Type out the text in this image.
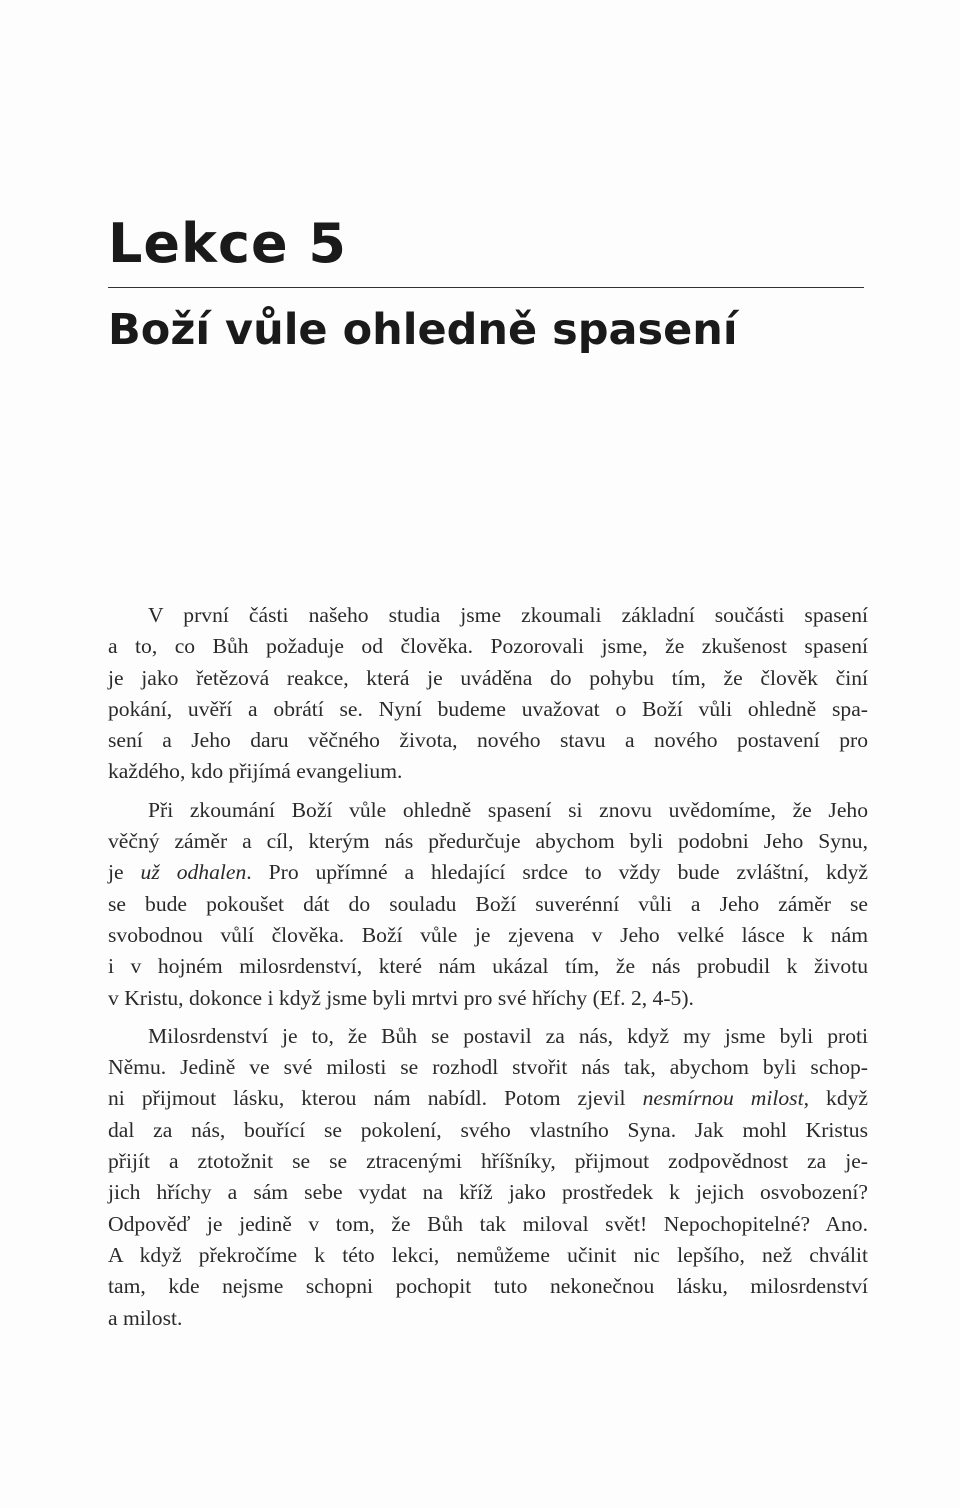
Lekce 5
Boží vůle ohledně spasení

V první části našeho studia jsme zkoumali základní součásti spasení
a to, co Bůh požaduje od člověka. Pozorovali jsme, že zkušenost spasení
je jako řetězová reakce, která je uváděna do pohybu tím, že člověk činí
pokání, uvěří a obrátí se. Nyní budeme uvažovat o Boží vůli ohledně spa-
sení a Jeho daru věčného života, nového stavu a nového postavení pro
každého, kdo přijímá evangelium.

Při zkoumání Boží vůle ohledně spasení si znovu uvědomíme, že Jeho
věčný záměr a cíl, kterým nás předurčuje abychom byli podobni Jeho Synu,
je už odhalen. Pro upřímné a hledající srdce to vždy bude zvláštní, když
se bude pokoušet dát do souladu Boží suverénní vůli a Jeho záměr se
svobodnou vůlí člověka. Boží vůle je zjevena v Jeho velké lásce k nám
i v hojném milosrdenství, které nám ukázal tím, že nás probudil k životu
v Kristu, dokonce i když jsme byli mrtvi pro své hříchy (Ef. 2, 4-5).

Milosrdenství je to, že Bůh se postavil za nás, když my jsme byli proti
Němu. Jedině ve své milosti se rozhodl stvořit nás tak, abychom byli schop-
ni přijmout lásku, kterou nám nabídl. Potom zjevil nesmírnou milost, když
dal za nás, bouřící se pokolení, svého vlastního Syna. Jak mohl Kristus
přijít a ztotožnit se se ztracenými hříšníky, přijmout zodpovědnost za je-
jich hříchy a sám sebe vydat na kříž jako prostředek k jejich osvobození?
Odpověď je jedině v tom, že Bůh tak miloval svět! Nepochopitelné? Ano.
A když překročíme k této lekci, nemůžeme učinit nic lepšího, než chválit
tam, kde nejsme schopni pochopit tuto nekonečnou lásku, milosrdenství
a milost.
